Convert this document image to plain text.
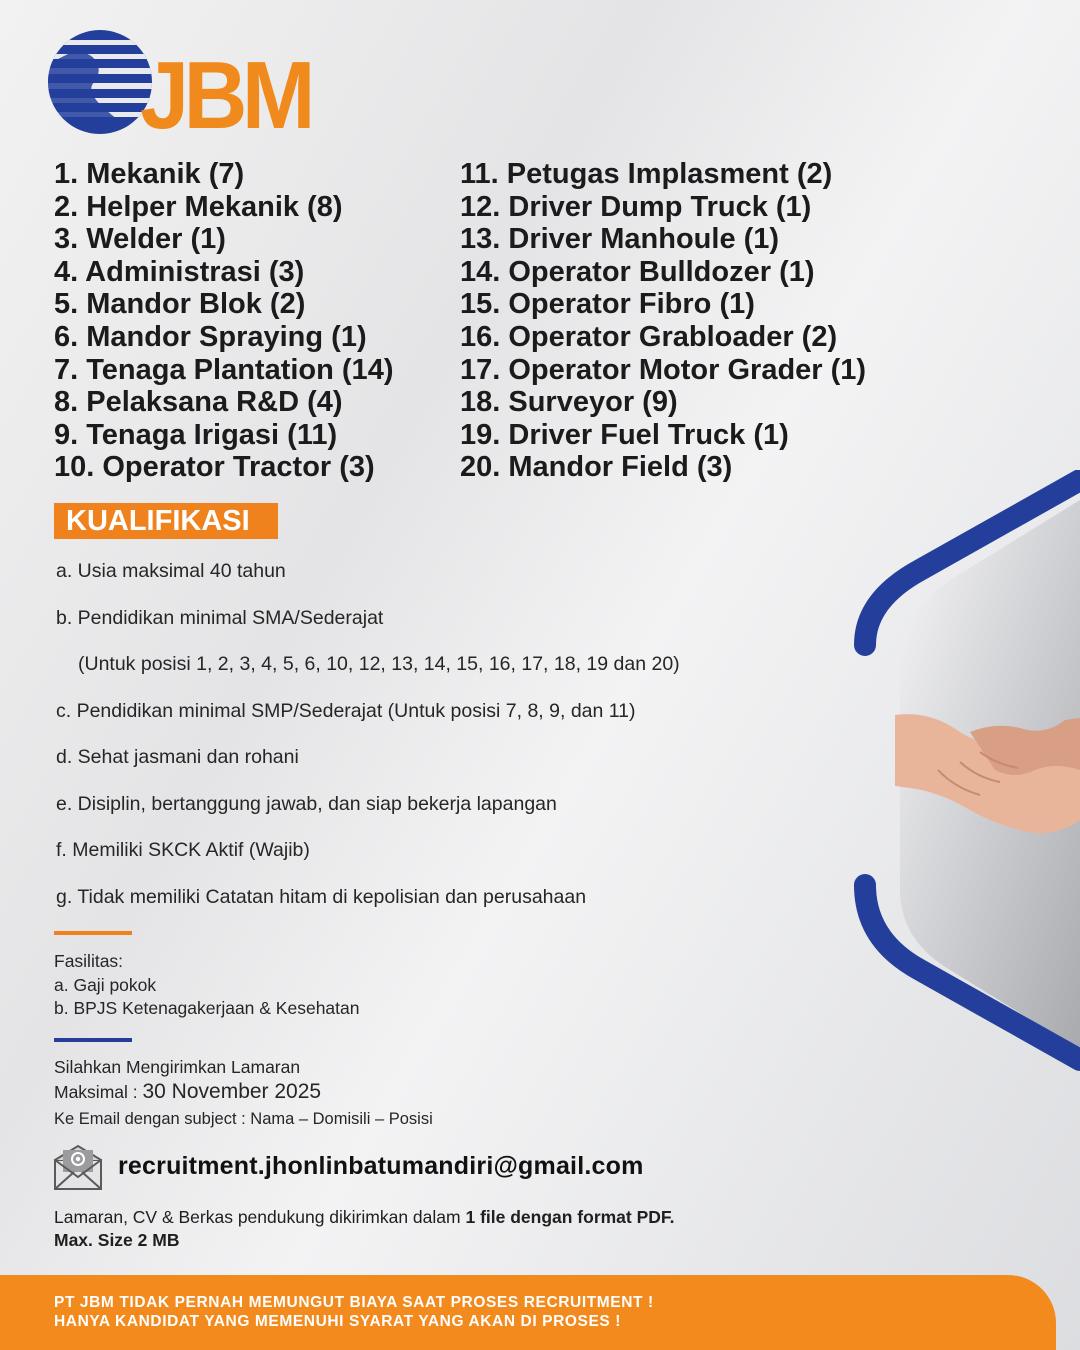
JBM
1. Mekanik (7)
2. Helper Mekanik (8)
3. Welder (1)
4. Administrasi (3)
5. Mandor Blok (2)
6. Mandor Spraying (1)
7. Tenaga Plantation (14)
8. Pelaksana R&D (4)
9. Tenaga Irigasi (11)
10. Operator Tractor (3)
11. Petugas Implasment (2)
12. Driver Dump Truck (1)
13. Driver Manhoule (1)
14. Operator Bulldozer (1)
15. Operator Fibro (1)
16. Operator Grabloader (2)
17. Operator Motor Grader (1)
18. Surveyor (9)
19. Driver Fuel Truck (1)
20. Mandor Field (3)
KUALIFIKASI
a. Usia maksimal 40 tahun
b. Pendidikan minimal SMA/Sederajat
(Untuk posisi 1, 2, 3, 4, 5, 6, 10, 12, 13, 14, 15, 16, 17, 18, 19 dan 20)
c. Pendidikan minimal SMP/Sederajat (Untuk posisi 7, 8, 9, dan 11)
d. Sehat jasmani dan rohani
e. Disiplin, bertanggung jawab, dan siap bekerja lapangan
f. Memiliki SKCK Aktif (Wajib)
g. Tidak memiliki Catatan hitam di kepolisian dan perusahaan
Fasilitas:
a. Gaji pokok
b. BPJS Ketenagakerjaan & Kesehatan
Silahkan Mengirimkan Lamaran
Maksimal : 30 November 2025
Ke Email dengan subject : Nama – Domisili – Posisi
recruitment.jhonlinbatumandiri@gmail.com
Lamaran, CV & Berkas pendukung dikirimkan dalam 1 file dengan format PDF.
Max. Size 2 MB
PT JBM TIDAK PERNAH MEMUNGUT BIAYA SAAT PROSES RECRUITMENT !
HANYA KANDIDAT YANG MEMENUHI SYARAT YANG AKAN DI PROSES !
